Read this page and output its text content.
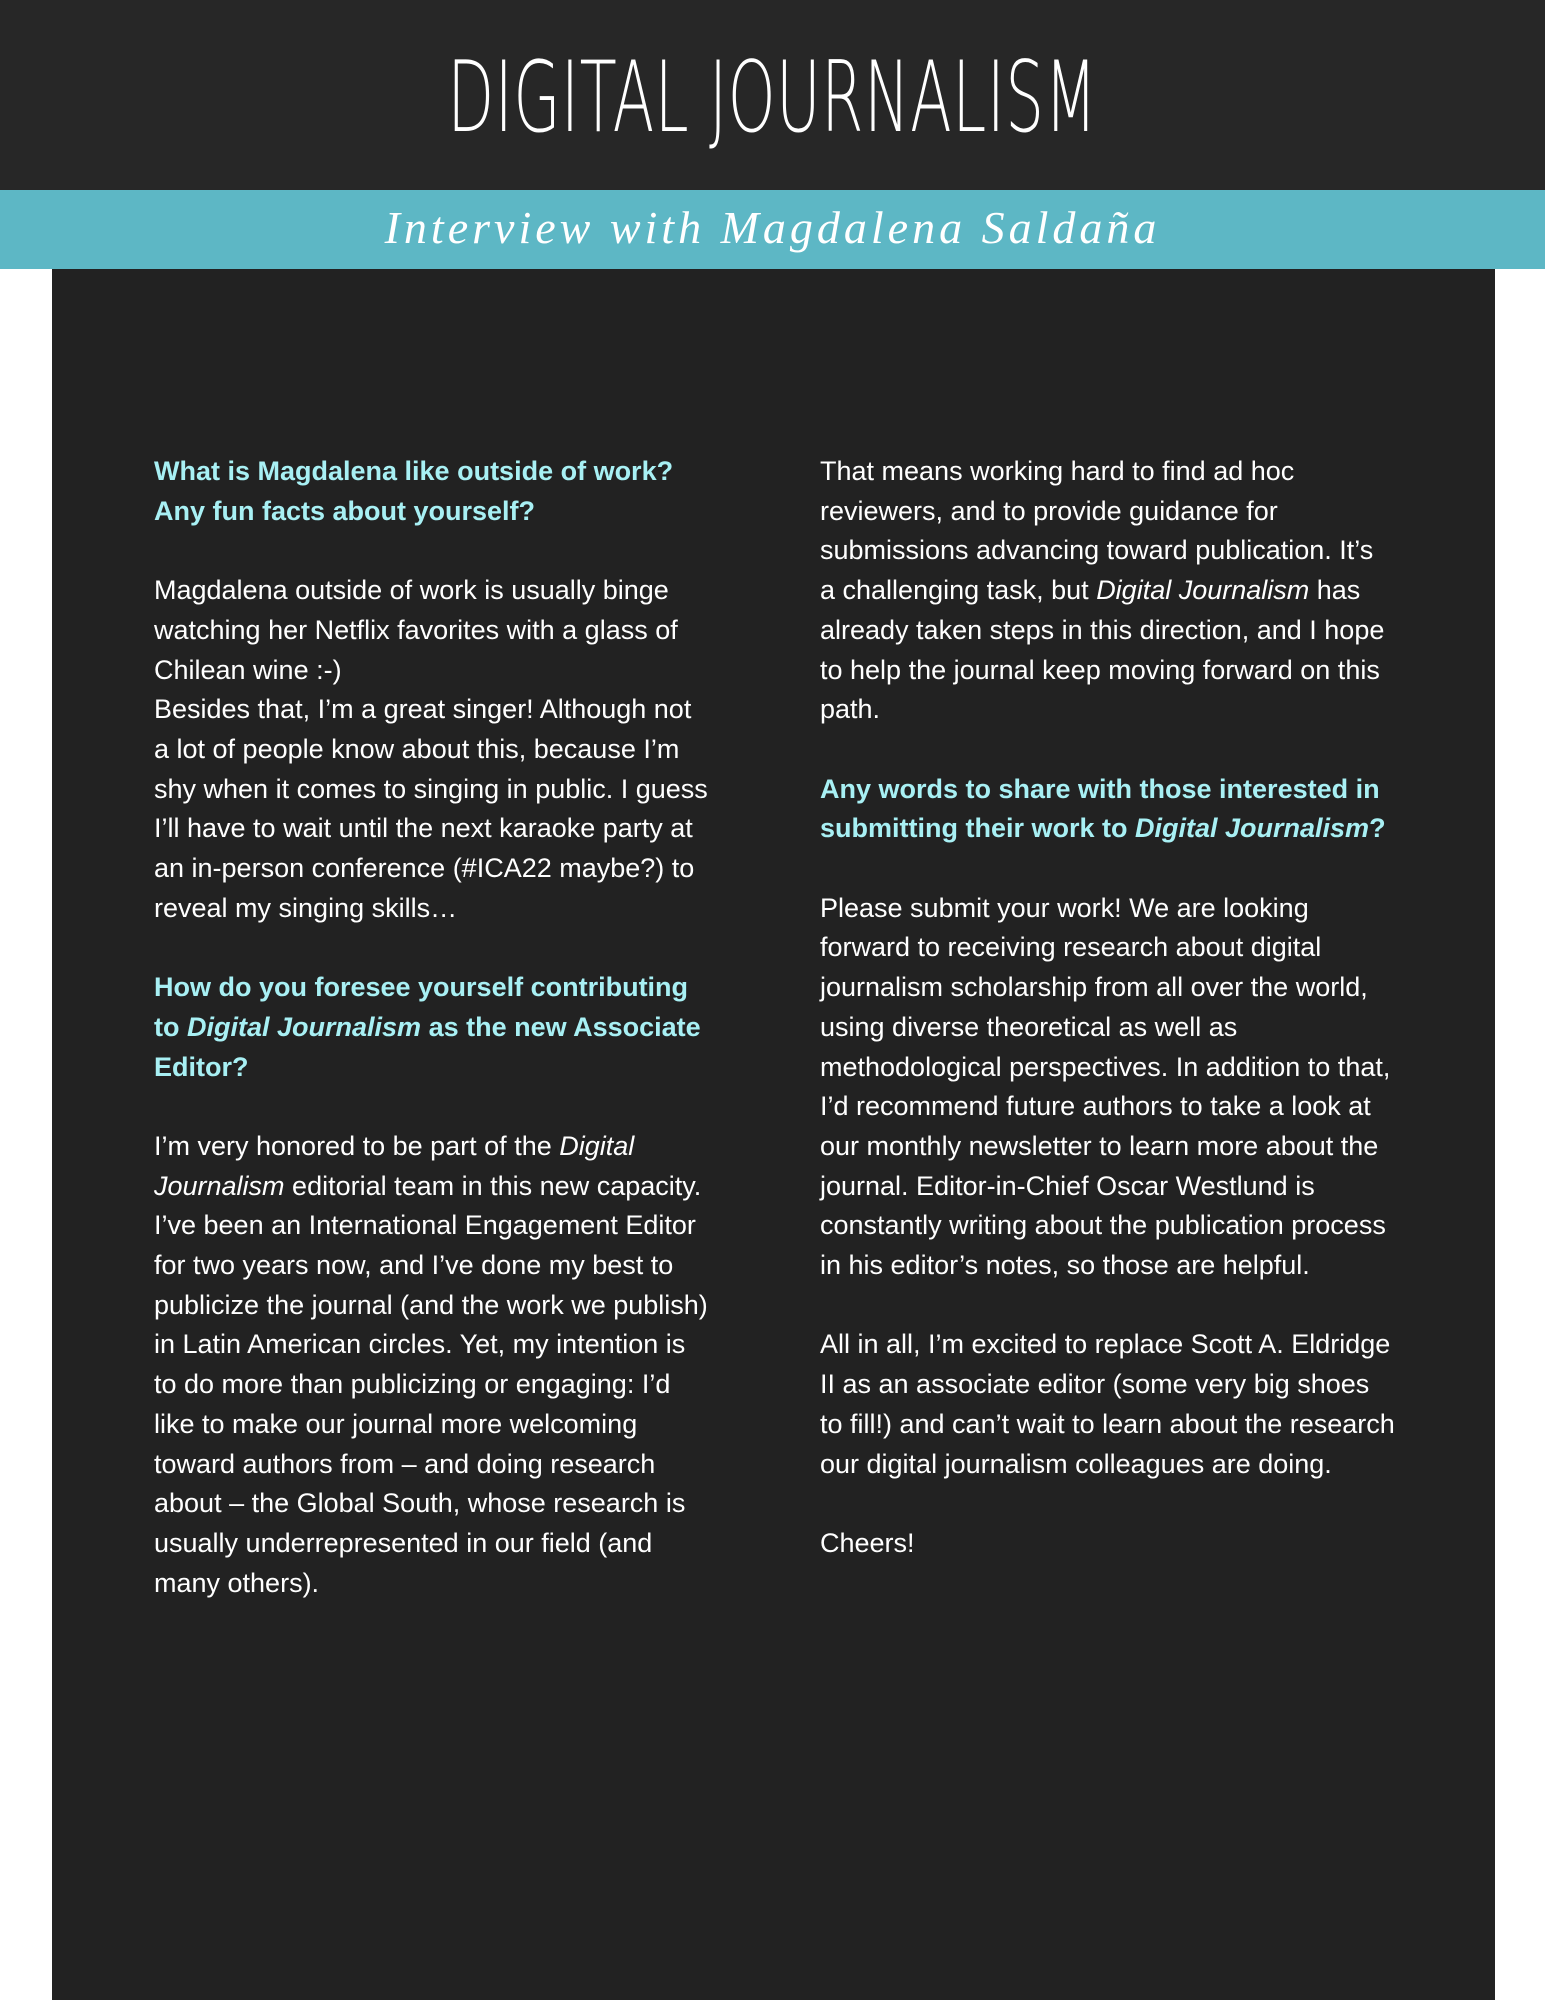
DIGITAL JOURNALISM
Interview with Magdalena Saldaña

What is Magdalena like outside of work? Any fun facts about yourself?

Magdalena outside of work is usually binge watching her Netflix favorites with a glass of Chilean wine :-)

Besides that, I’m a great singer! Although not a lot of people know about this, because I’m shy when it comes to singing in public. I guess I’ll have to wait until the next karaoke party at an in-person conference (#ICA22 maybe?) to reveal my singing skills…

How do you foresee yourself contributing to Digital Journalism as the new Associate Editor?

I’m very honored to be part of the Digital Journalism editorial team in this new capacity. I’ve been an International Engagement Editor for two years now, and I’ve done my best to publicize the journal (and the work we publish) in Latin American circles. Yet, my intention is to do more than publicizing or engaging: I’d like to make our journal more welcoming toward authors from – and doing research about – the Global South, whose research is usually underrepresented in our field (and many others).

That means working hard to find ad hoc reviewers, and to provide guidance for submissions advancing toward publication. It’s a challenging task, but Digital Journalism has already taken steps in this direction, and I hope to help the journal keep moving forward on this path.

Any words to share with those interested in submitting their work to Digital Journalism?

Please submit your work! We are looking forward to receiving research about digital journalism scholarship from all over the world, using diverse theoretical as well as methodological perspectives. In addition to that, I’d recommend future authors to take a look at our monthly newsletter to learn more about the journal. Editor-in-Chief Oscar Westlund is constantly writing about the publication process in his editor’s notes, so those are helpful.

All in all, I’m excited to replace Scott A. Eldridge II as an associate editor (some very big shoes to fill!) and can’t wait to learn about the research our digital journalism colleagues are doing.

Cheers!
